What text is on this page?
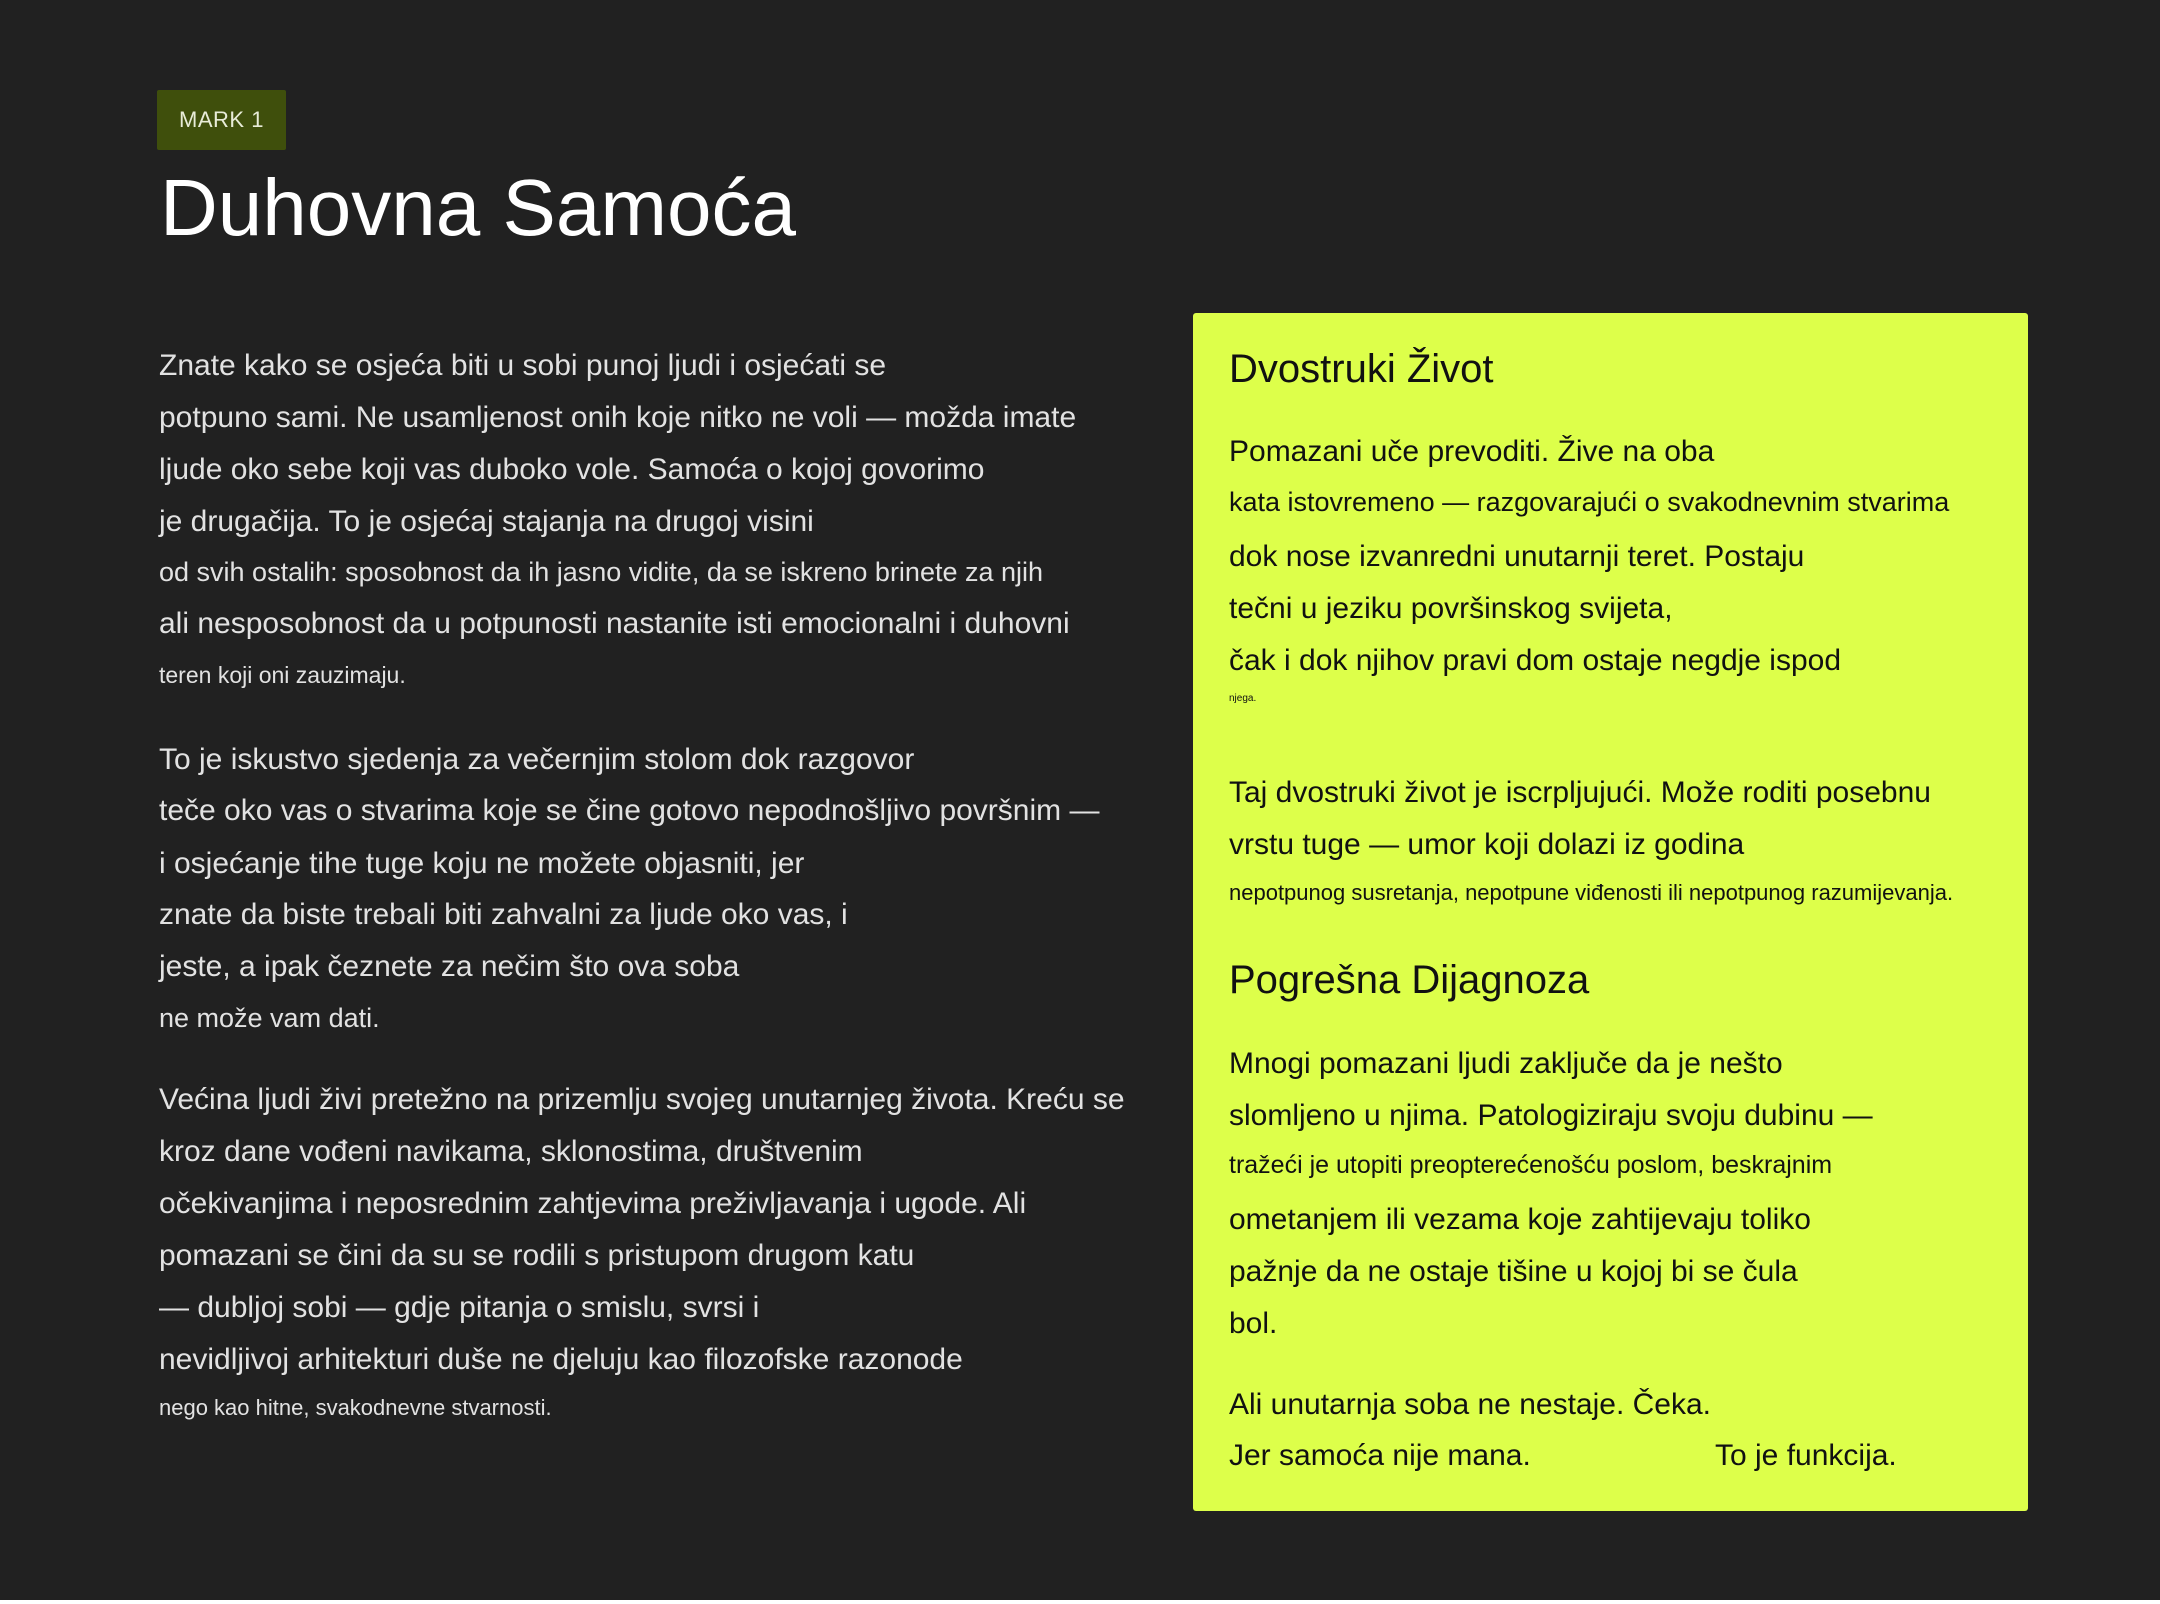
MARK 1
Duhovna Samoća
Znate kako se osjeća biti u sobi punoj ljudi i osjećati se
potpuno sami. Ne usamljenost onih koje nitko ne voli — možda imate
ljude oko sebe koji vas duboko vole. Samoća o kojoj govorimo
je drugačija. To je osjećaj stajanja na drugoj visini
od svih ostalih: sposobnost da ih jasno vidite, da se iskreno brinete za njih
ali nesposobnost da u potpunosti nastanite isti emocionalni i duhovni
teren koji oni zauzimaju.
To je iskustvo sjedenja za večernjim stolom dok razgovor
teče oko vas o stvarima koje se čine gotovo nepodnošljivo površnim —
i osjećanje tihe tuge koju ne možete objasniti, jer
znate da biste trebali biti zahvalni za ljude oko vas, i
jeste, a ipak čeznete za nečim što ova soba
ne može vam dati.
Većina ljudi živi pretežno na prizemlju svojeg unutarnjeg života. Kreću se
kroz dane vođeni navikama, sklonostima, društvenim
očekivanjima i neposrednim zahtjevima preživljavanja i ugode. Ali
pomazani se čini da su se rodili s pristupom drugom katu
— dubljoj sobi — gdje pitanja o smislu, svrsi i
nevidljivoj arhitekturi duše ne djeluju kao filozofske razonode
nego kao hitne, svakodnevne stvarnosti.
Dvostruki Život
Pomazani uče prevoditi. Žive na oba
kata istovremeno — razgovarajući o svakodnevnim stvarima
dok nose izvanredni unutarnji teret. Postaju
tečni u jeziku površinskog svijeta,
čak i dok njihov pravi dom ostaje negdje ispod
njega.
Taj dvostruki život je iscrpljujući. Može roditi posebnu
vrstu tuge — umor koji dolazi iz godina
nepotpunog susretanja, nepotpune viđenosti ili nepotpunog razumijevanja.
Pogrešna Dijagnoza
Mnogi pomazani ljudi zaključe da je nešto
slomljeno u njima. Patologiziraju svoju dubinu —
tražeći je utopiti preopterećenošću poslom, beskrajnim
ometanjem ili vezama koje zahtijevaju toliko
pažnje da ne ostaje tišine u kojoj bi se čula
bol.
Ali unutarnja soba ne nestaje. Čeka.
Jer samoća nije mana.	To je funkcija.
